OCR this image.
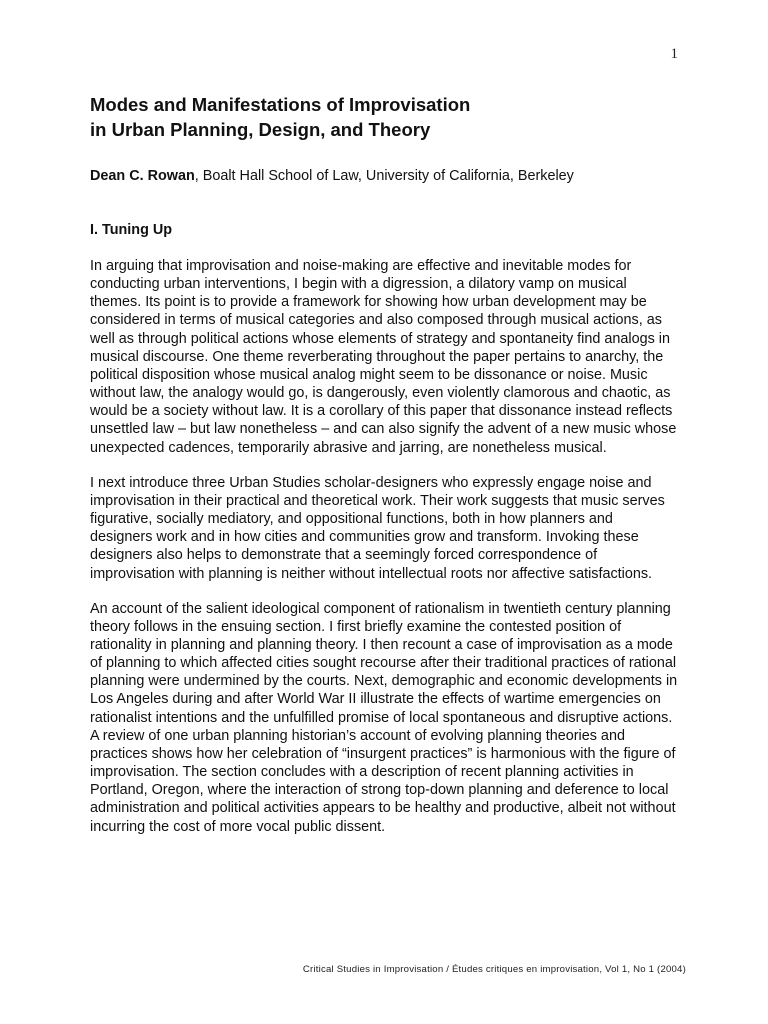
1
Modes and Manifestations of Improvisation
in Urban Planning, Design, and Theory
Dean C. Rowan, Boalt Hall School of Law, University of California, Berkeley
I. Tuning Up

In arguing that improvisation and noise-making are effective and inevitable modes for conducting urban interventions, I begin with a digression, a dilatory vamp on musical themes. Its point is to provide a framework for showing how urban development may be considered in terms of musical categories and also composed through musical actions, as well as through political actions whose elements of strategy and spontaneity find analogs in musical discourse. One theme reverberating throughout the paper pertains to anarchy, the political disposition whose musical analog might seem to be dissonance or noise. Music without law, the analogy would go, is dangerously, even violently clamorous and chaotic, as would be a society without law. It is a corollary of this paper that dissonance instead reflects unsettled law – but law nonetheless – and can also signify the advent of a new music whose unexpected cadences, temporarily abrasive and jarring, are nonetheless musical.

I next introduce three Urban Studies scholar-designers who expressly engage noise and improvisation in their practical and theoretical work. Their work suggests that music serves figurative, socially mediatory, and oppositional functions, both in how planners and designers work and in how cities and communities grow and transform. Invoking these designers also helps to demonstrate that a seemingly forced correspondence of improvisation with planning is neither without intellectual roots nor affective satisfactions.

An account of the salient ideological component of rationalism in twentieth century planning theory follows in the ensuing section. I first briefly examine the contested position of rationality in planning and planning theory. I then recount a case of improvisation as a mode of planning to which affected cities sought recourse after their traditional practices of rational planning were undermined by the courts. Next, demographic and economic developments in Los Angeles during and after World War II illustrate the effects of wartime emergencies on rationalist intentions and the unfulfilled promise of local spontaneous and disruptive actions. A review of one urban planning historian’s account of evolving planning theories and practices shows how her celebration of “insurgent practices” is harmonious with the figure of improvisation. The section concludes with a description of recent planning activities in Portland, Oregon, where the interaction of strong top-down planning and deference to local administration and political activities appears to be healthy and productive, albeit not without incurring the cost of more vocal public dissent.

Critical Studies in Improvisation / Études critiques en improvisation, Vol 1, No 1 (2004)
